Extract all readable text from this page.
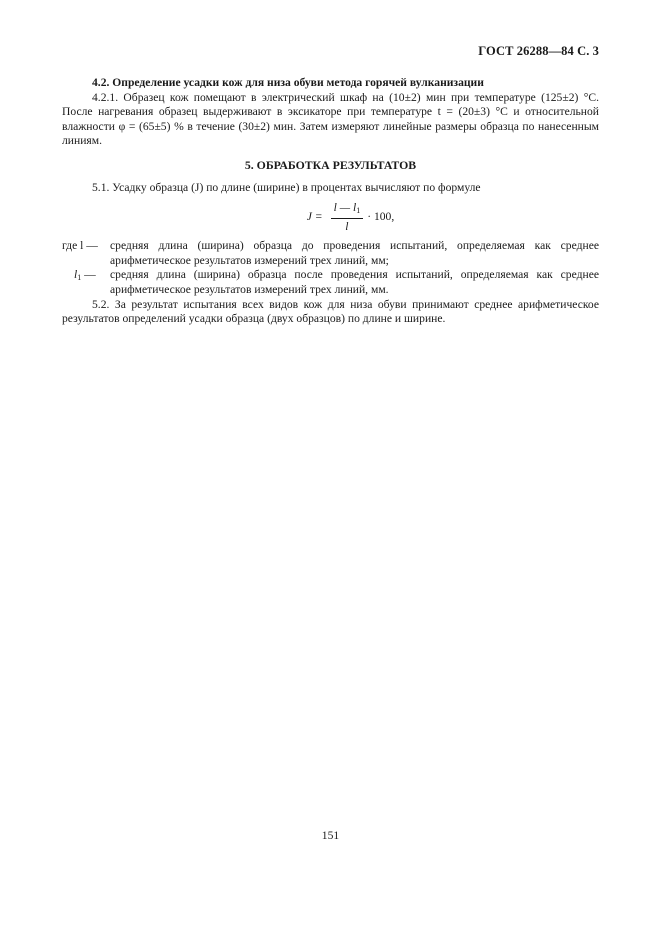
ГОСТ 26288—84 С. 3

4.2. Определение усадки кож для низа обуви метода горячей вулканизации

4.2.1. Образец кож помещают в электрический шкаф на (10±2) мин при температуре (125±2) °С. После нагревания образец выдерживают в эксикаторе при температуре t = (20±3) °С и относительной влажности φ = (65±5) % в течение (30±2) мин. Затем измеряют линейные размеры образца по нанесенным линиям.

5. ОБРАБОТКА РЕЗУЛЬТАТОВ

5.1. Усадку образца (J) по длине (ширине) в процентах вычисляют по формуле

$J = \frac{l — l_1}{l} \cdot 100$,
где l —	средняя длина (ширина) образца до проведения испытаний, определяемая как среднее арифметическое результатов измерений трех линий, мм;
$l_1$ —	средняя длина (ширина) образца после проведения испытаний, определяемая как среднее арифметическое результатов измерений трех линий, мм.

5.2. За результат испытания всех видов кож для низа обуви принимают среднее арифметическое результатов определений усадки образца (двух образцов) по длине и ширине.

151
